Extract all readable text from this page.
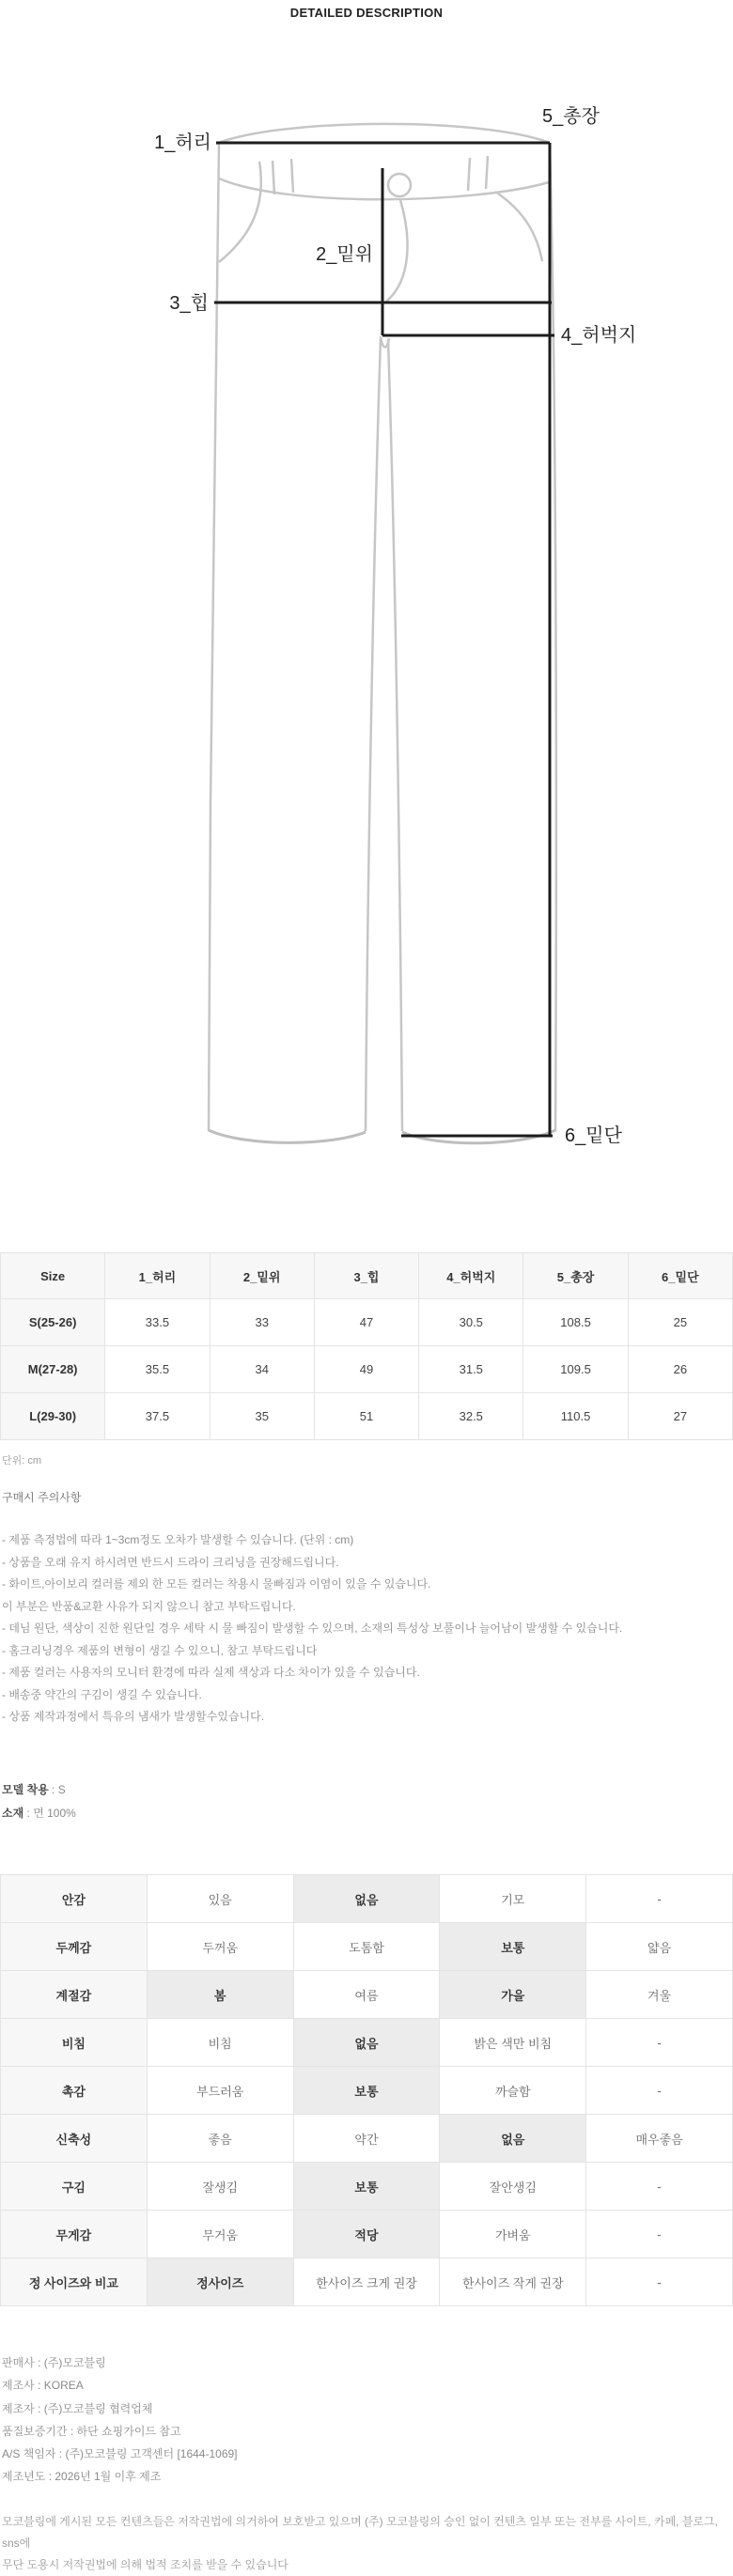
DETAILED DESCRIPTION
1_허리
5_총장
2_밑위
3_힙
4_허벅지
6_밑단
Size	1_허리	2_밑위	3_힙	4_허벅지	5_총장	6_밑단
S(25-26)	33.5	33	47	30.5	108.5	25
M(27-28)	35.5	34	49	31.5	109.5	26
L(29-30)	37.5	35	51	32.5	110.5	27
단위: cm
구매시 주의사항
- 제품 측정법에 따라 1~3cm정도 오차가 발생할 수 있습니다. (단위 : cm)
- 상품을 오래 유지 하시려면 반드시 드라이 크리닝을 권장해드립니다.
- 화이트,아이보리 컬러를 제외 한 모든 컬러는 착용시 물빠짐과 이염이 있을 수 있습니다.
이 부분은 반품&교환 사유가 되지 않으니 참고 부탁드립니다.
- 데님 원단, 색상이 진한 원단일 경우 세탁 시 물 빠짐이 발생할 수 있으며, 소재의 특성상 보풀이나 늘어남이 발생할 수 있습니다.
- 홈크리닝경우 제품의 변형이 생길 수 있으니, 참고 부탁드립니다
- 제품 컬러는 사용자의 모니터 환경에 따라 실제 색상과 다소 차이가 있을 수 있습니다.
- 배송중 약간의 구김이 생길 수 있습니다.
- 상품 제작과정에서 특유의 냄새가 발생할수있습니다.
모델 착용 : S
소재 : 면 100%
안감	있음	없음	기모	-
두께감	두꺼움	도톰함	보통	얇음
계절감	봄	여름	가을	겨울
비침	비침	없음	밝은 색만 비침	-
촉감	부드러움	보통	까슬함	-
신축성	좋음	약간	없음	매우좋음
구김	잘생김	보통	잘안생김	-
무게감	무거움	적당	가벼움	-
정 사이즈와 비교	정사이즈	한사이즈 크게 권장	한사이즈 작게 권장	-
판매사 : (주)모코블링
제조사 : KOREA
제조자 : (주)모코블링 협력업체
품질보증기간 : 하단 쇼핑가이드 참고
A/S 책임자 : (주)모코블링 고객센터 [1644-1069]
제조년도 : 2026년 1월 이후 제조
모코블링에 게시된 모든 컨텐츠들은 저작권법에 의거하여 보호받고 있으며 (주) 모코블링의 승인 없이 컨텐츠 일부 또는 전부를 사이트, 카페, 블로그, sns에
무단 도용시 저작권법에 의해 법적 조치를 받을 수 있습니다
